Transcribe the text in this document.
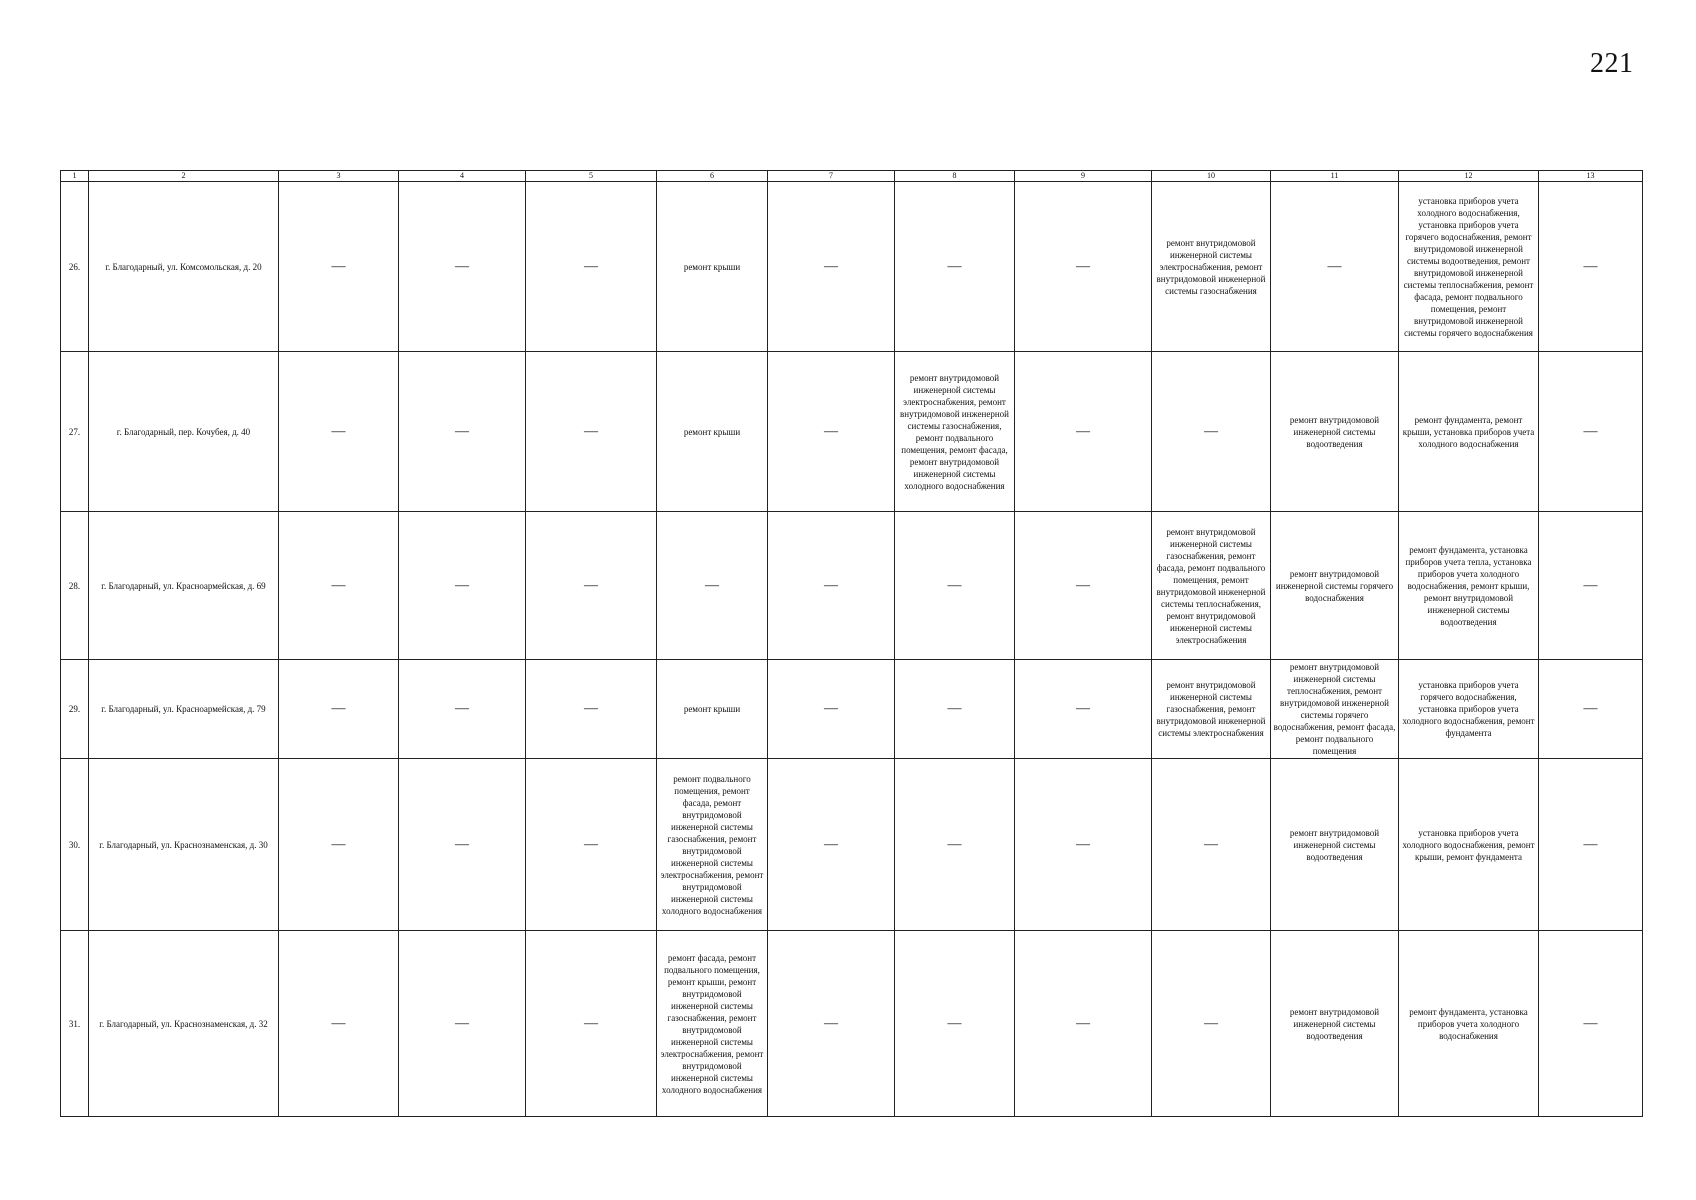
221
1	2	3	4	5	6	7	8	9	10	11	12	13
26.	г. Благодарный, ул. Комсомольская, д. 20	—	—	—	ремонт крыши	—	—	—	ремонт внутридомовой инженерной системы электроснабжения, ремонт внутридомовой инженерной системы газоснабжения	—	установка приборов учета холодного водоснабжения, установка приборов учета горячего водоснабжения, ремонт внутридомовой инженерной системы водоотведения, ремонт внутридомовой инженерной системы теплоснабжения, ремонт фасада, ремонт подвального помещения, ремонт внутридомовой инженерной системы горячего водоснабжения	—
27.	г. Благодарный, пер. Кочубея, д. 40	—	—	—	ремонт крыши	—	ремонт внутридомовой инженерной системы электроснабжения, ремонт внутридомовой инженерной системы газоснабжения, ремонт подвального помещения, ремонт фасада, ремонт внутридомовой инженерной системы холодного водоснабжения	—	—	ремонт внутридомовой инженерной системы водоотведения	ремонт фундамента, ремонт крыши, установка приборов учета холодного водоснабжения	—
28.	г. Благодарный, ул. Красноармейская, д. 69	—	—	—	—	—	—	—	ремонт внутридомовой инженерной системы газоснабжения, ремонт фасада, ремонт подвального помещения, ремонт внутридомовой инженерной системы теплоснабжения, ремонт внутридомовой инженерной системы электроснабжения	ремонт внутридомовой инженерной системы горячего водоснабжения	ремонт фундамента, установка приборов учета тепла, установка приборов учета холодного водоснабжения, ремонт крыши, ремонт внутридомовой инженерной системы водоотведения	—
29.	г. Благодарный, ул. Красноармейская, д. 79	—	—	—	ремонт крыши	—	—	—	ремонт внутридомовой инженерной системы газоснабжения, ремонт внутридомовой инженерной системы электроснабжения	ремонт внутридомовой инженерной системы теплоснабжения, ремонт внутридомовой инженерной системы горячего водоснабжения, ремонт фасада, ремонт подвального помещения	установка приборов учета горячего водоснабжения, установка приборов учета холодного водоснабжения, ремонт фундамента	—
30.	г. Благодарный, ул. Краснознаменская, д. 30	—	—	—	ремонт подвального помещения, ремонт фасада, ремонт внутридомовой инженерной системы газоснабжения, ремонт внутридомовой инженерной системы электроснабжения, ремонт внутридомовой инженерной системы холодного водоснабжения	—	—	—	—	ремонт внутридомовой инженерной системы водоотведения	установка приборов учета холодного водоснабжения, ремонт крыши, ремонт фундамента	—
31.	г. Благодарный, ул. Краснознаменская, д. 32	—	—	—	ремонт фасада, ремонт подвального помещения, ремонт крыши, ремонт внутридомовой инженерной системы газоснабжения, ремонт внутридомовой инженерной системы электроснабжения, ремонт внутридомовой инженерной системы холодного водоснабжения	—	—	—	—	ремонт внутридомовой инженерной системы водоотведения	ремонт фундамента, установка приборов учета холодного водоснабжения	—
